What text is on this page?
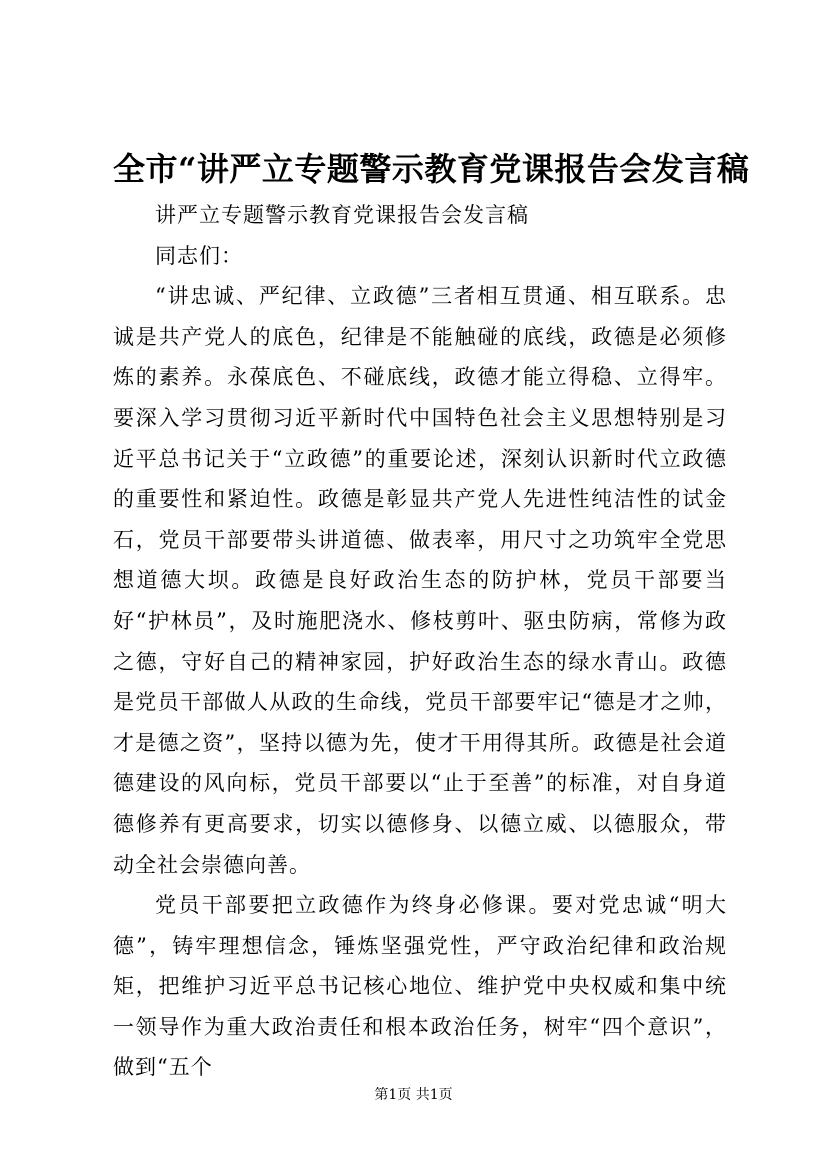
全市“讲严立专题警示教育党课报告会发言稿

讲严立专题警示教育党课报告会发言稿

同志们：

“讲忠诚、严纪律、立政德”三者相互贯通、相互联系。忠诚是共产党人的底色，纪律是不能触碰的底线，政德是必须修炼的素养。永葆底色、不碰底线，政德才能立得稳、立得牢。要深入学习贯彻习近平新时代中国特色社会主义思想特别是习近平总书记关于“立政德”的重要论述，深刻认识新时代立政德的重要性和紧迫性。政德是彰显共产党人先进性纯洁性的试金石，党员干部要带头讲道德、做表率，用尺寸之功筑牢全党思想道德大坝。政德是良好政治生态的防护林，党员干部要当好“护林员”，及时施肥浇水、修枝剪叶、驱虫防病，常修为政之德，守好自己的精神家园，护好政治生态的绿水青山。政德是党员干部做人从政的生命线，党员干部要牢记“德是才之帅，才是德之资”，坚持以德为先，使才干用得其所。政德是社会道德建设的风向标，党员干部要以“止于至善”的标准，对自身道德修养有更高要求，切实以德修身、以德立威、以德服众，带动全社会崇德向善。

党员干部要把立政德作为终身必修课。要对党忠诚“明大德”，铸牢理想信念，锤炼坚强党性，严守政治纪律和政治规矩，把维护习近平总书记核心地位、维护党中央权威和集中统一领导作为重大政治责任和根本政治任务，树牢“四个意识”，做到“五个

第1页 共1页
